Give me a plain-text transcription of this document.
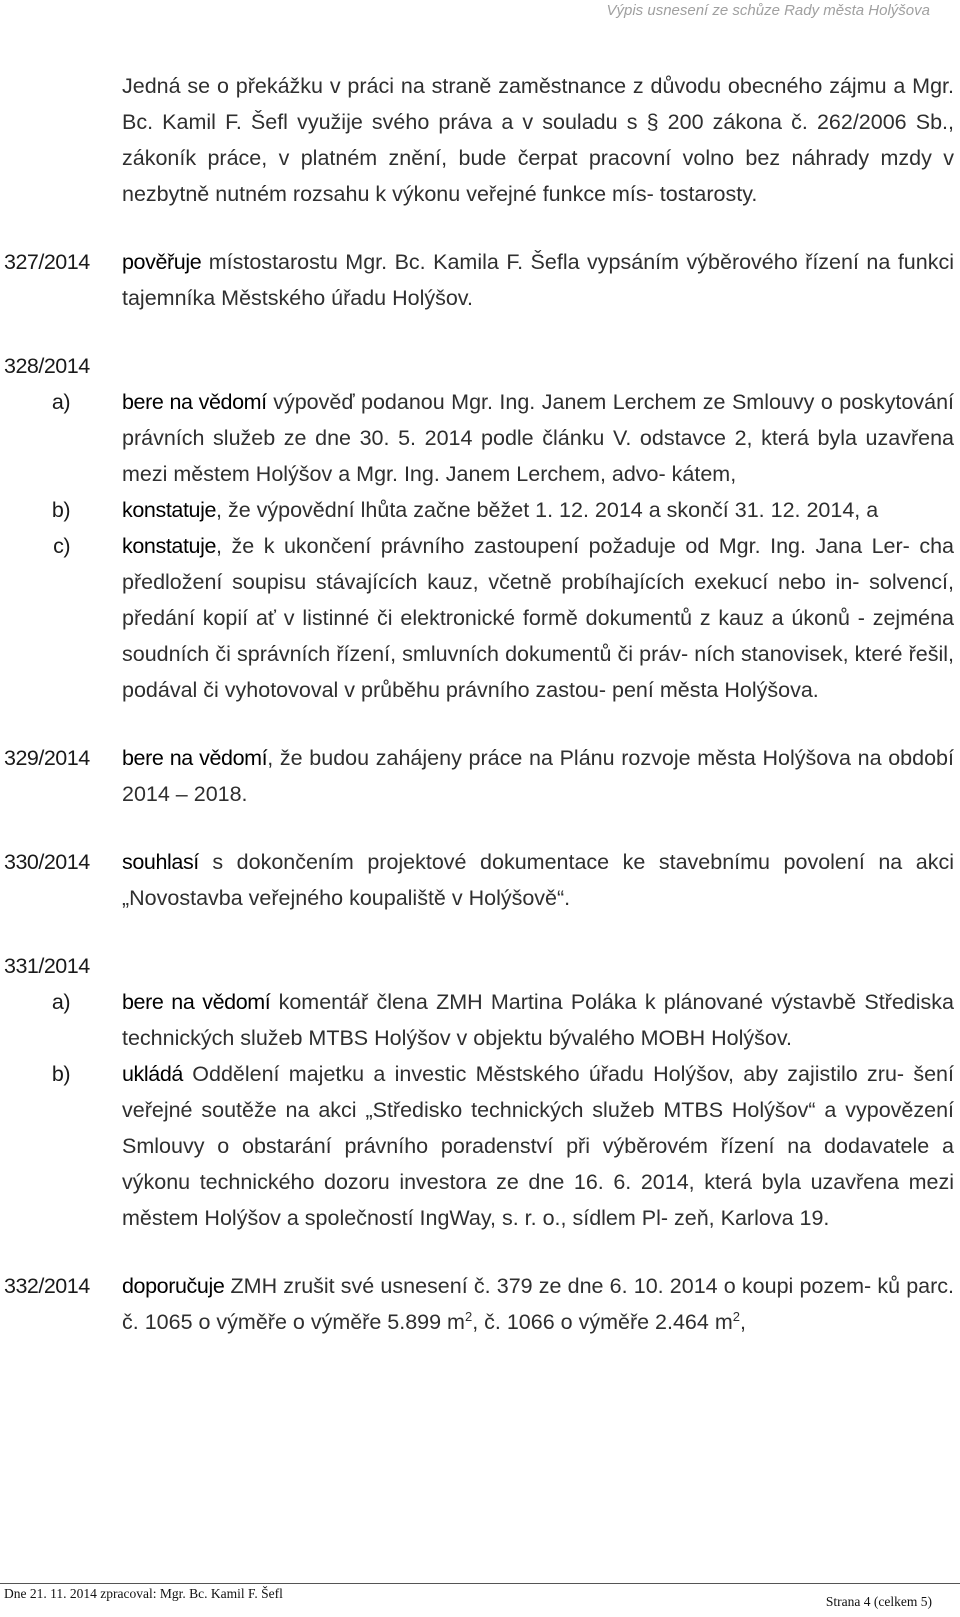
Výpis usnesení ze schůze Rady města Holýšova
Jedná se o překážku v práci na straně zaměstnance z důvodu obecného zájmu a Mgr. Bc. Kamil F. Šefl využije svého práva a v souladu s § 200 zákona č. 262/2006 Sb., zákoník práce, v platném znění, bude čerpat pracovní volno bez náhrady mzdy v nezbytně nutném rozsahu k výkonu veřejné funkce mís- tostarosty.
327/2014	pověřuje místostarostu Mgr. Bc. Kamila F. Šefla vypsáním výběrového řízení na funkci tajemníka Městského úřadu Holýšov.
328/2014
a)	bere na vědomí výpověď podanou Mgr. Ing. Janem Lerchem ze Smlouvy o poskytování právních služeb ze dne 30. 5. 2014 podle článku V. odstavce 2, která byla uzavřena mezi městem Holýšov a Mgr. Ing. Janem Lerchem, advo- kátem,
b)	konstatuje, že výpovědní lhůta začne běžet 1. 12. 2014 a skončí 31. 12. 2014, a
c)	konstatuje, že k ukončení právního zastoupení požaduje od Mgr. Ing. Jana Ler- cha předložení soupisu stávajících kauz, včetně probíhajících exekucí nebo in- solvencí, předání kopií ať v listinné či elektronické formě dokumentů z kauz a úkonů - zejména soudních či správních řízení, smluvních dokumentů či práv- ních stanovisek, které řešil, podával či vyhotovoval v průběhu právního zastou- pení města Holýšova.
329/2014	bere na vědomí, že budou zahájeny práce na Plánu rozvoje města Holýšova na období 2014 – 2018.
330/2014	souhlasí s dokončením projektové dokumentace ke stavebnímu povolení na akci „Novostavba veřejného koupaliště v Holýšově“.
331/2014
a)	bere na vědomí komentář člena ZMH Martina Poláka k plánované výstavbě Střediska technických služeb MTBS Holýšov v objektu bývalého MOBH Holýšov.
b)	ukládá Oddělení majetku a investic Městského úřadu Holýšov, aby zajistilo zru- šení veřejné soutěže na akci „Středisko technických služeb MTBS Holýšov“ a vypovězení Smlouvy o obstarání právního poradenství při výběrovém řízení na dodavatele a výkonu technického dozoru investora ze dne 16. 6. 2014, která byla uzavřena mezi městem Holýšov a společností IngWay, s. r. o., sídlem Pl- zeň, Karlova 19.
332/2014	doporučuje ZMH zrušit své usnesení č. 379 ze dne 6. 10. 2014 o koupi pozem- ků parc. č. 1065 o výměře o výměře 5.899 $m^2$, č. 1066 o výměře 2.464 $m^2$,
Dne 21. 11. 2014 zpracoval: Mgr. Bc. Kamil F. Šefl
Strana 4 (celkem 5)
